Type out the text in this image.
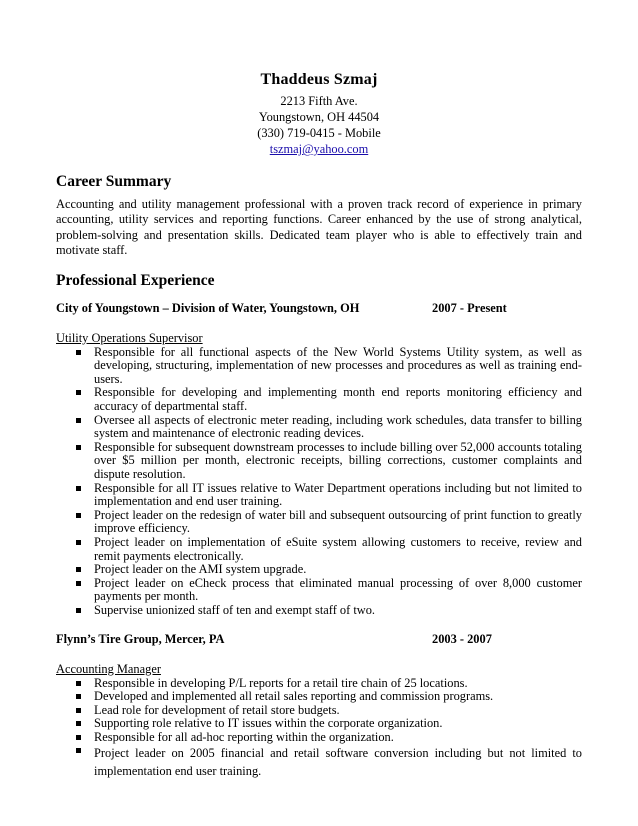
Thaddeus Szmaj
2213 Fifth Ave.
Youngstown, OH 44504
(330) 719-0415 - Mobile
tszmaj@yahoo.com
Career Summary
Accounting and utility management professional with a proven track record of experience in primary accounting, utility services and reporting functions. Career enhanced by the use of strong analytical, problem-solving and presentation skills. Dedicated team player who is able to effectively train and motivate staff.
Professional Experience
City of Youngstown – Division of Water, Youngstown, OH	2007 - Present
Utility Operations Supervisor
Responsible for all functional aspects of the New World Systems Utility system, as well as developing, structuring, implementation of new processes and procedures as well as training end-users.
Responsible for developing and implementing month end reports monitoring efficiency and accuracy of departmental staff.
Oversee all aspects of electronic meter reading, including work schedules, data transfer to billing system and maintenance of electronic reading devices.
Responsible for subsequent downstream processes to include billing over 52,000 accounts totaling over $5 million per month, electronic receipts, billing corrections, customer complaints and dispute resolution.
Responsible for all IT issues relative to Water Department operations including but not limited to implementation and end user training.
Project leader on the redesign of water bill and subsequent outsourcing of print function to greatly improve efficiency.
Project leader on implementation of eSuite system allowing customers to receive, review and remit payments electronically.
Project leader on the AMI system upgrade.
Project leader on eCheck process that eliminated manual processing of over 8,000 customer payments per month.
Supervise unionized staff of ten and exempt staff of two.
Flynn’s Tire Group, Mercer, PA	2003 - 2007
Accounting Manager
Responsible in developing P/L reports for a retail tire chain of 25 locations.
Developed and implemented all retail sales reporting and commission programs.
Lead role for development of retail store budgets.
Supporting role relative to IT issues within the corporate organization.
Responsible for all ad-hoc reporting within the organization.
Project leader on 2005 financial and retail software conversion including but not limited to implementation end user training.
